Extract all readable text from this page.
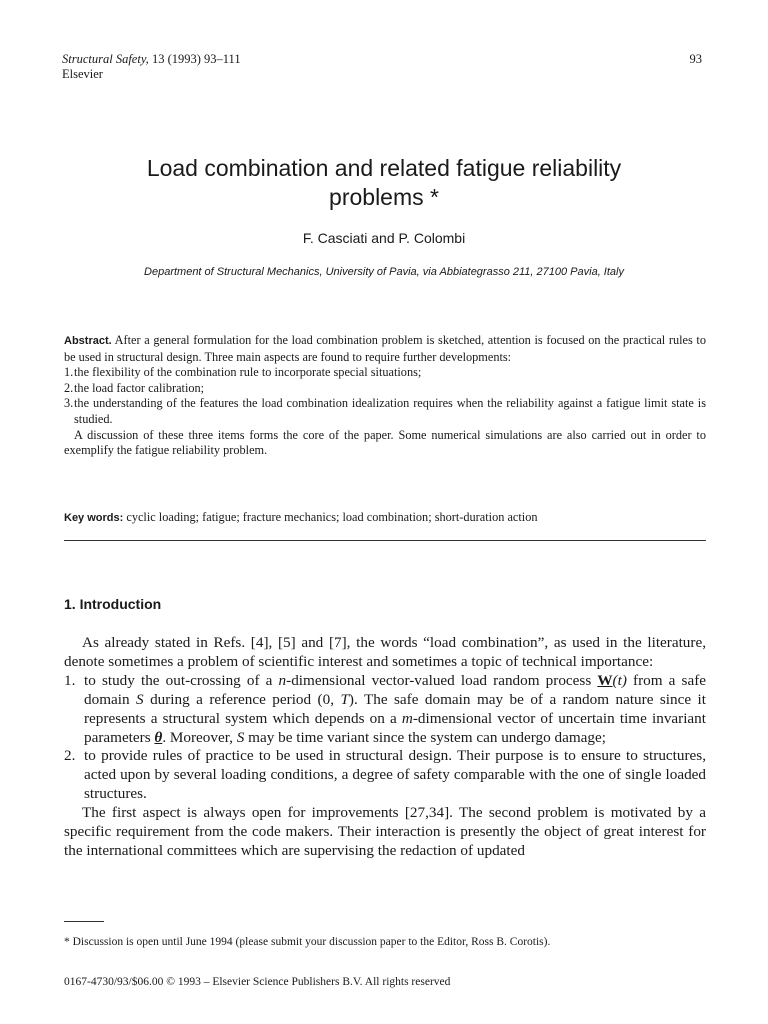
Structural Safety, 13 (1993) 93–111
Elsevier
93
Load combination and related fatigue reliability
problems *
F. Casciati and P. Colombi
Department of Structural Mechanics, University of Pavia, via Abbiategrasso 211, 27100 Pavia, Italy
Abstract. After a general formulation for the load combination problem is sketched, attention is focused on the practical rules to be used in structural design. Three main aspects are found to require further developments:
1. the flexibility of the combination rule to incorporate special situations;
2. the load factor calibration;
3. the understanding of the features the load combination idealization requires when the reliability against a fatigue limit state is studied.
A discussion of these three items forms the core of the paper. Some numerical simulations are also carried out in order to exemplify the fatigue reliability problem.
Key words: cyclic loading; fatigue; fracture mechanics; load combination; short-duration action
1. Introduction
As already stated in Refs. [4], [5] and [7], the words “load combination”, as used in the literature, denote sometimes a problem of scientific interest and sometimes a topic of technical importance:
1. to study the out-crossing of a n-dimensional vector-valued load random process W(t) from a safe domain S during a reference period (0, T). The safe domain may be of a random nature since it represents a structural system which depends on a m-dimensional vector of uncertain time invariant parameters θ. Moreover, S may be time variant since the system can undergo damage;
2. to provide rules of practice to be used in structural design. Their purpose is to ensure to structures, acted upon by several loading conditions, a degree of safety comparable with the one of single loaded structures.
The first aspect is always open for improvements [27,34]. The second problem is motivated by a specific requirement from the code makers. Their interaction is presently the object of great interest for the international committees which are supervising the redaction of updated
* Discussion is open until June 1994 (please submit your discussion paper to the Editor, Ross B. Corotis).
0167-4730/93/$06.00 © 1993 – Elsevier Science Publishers B.V. All rights reserved
